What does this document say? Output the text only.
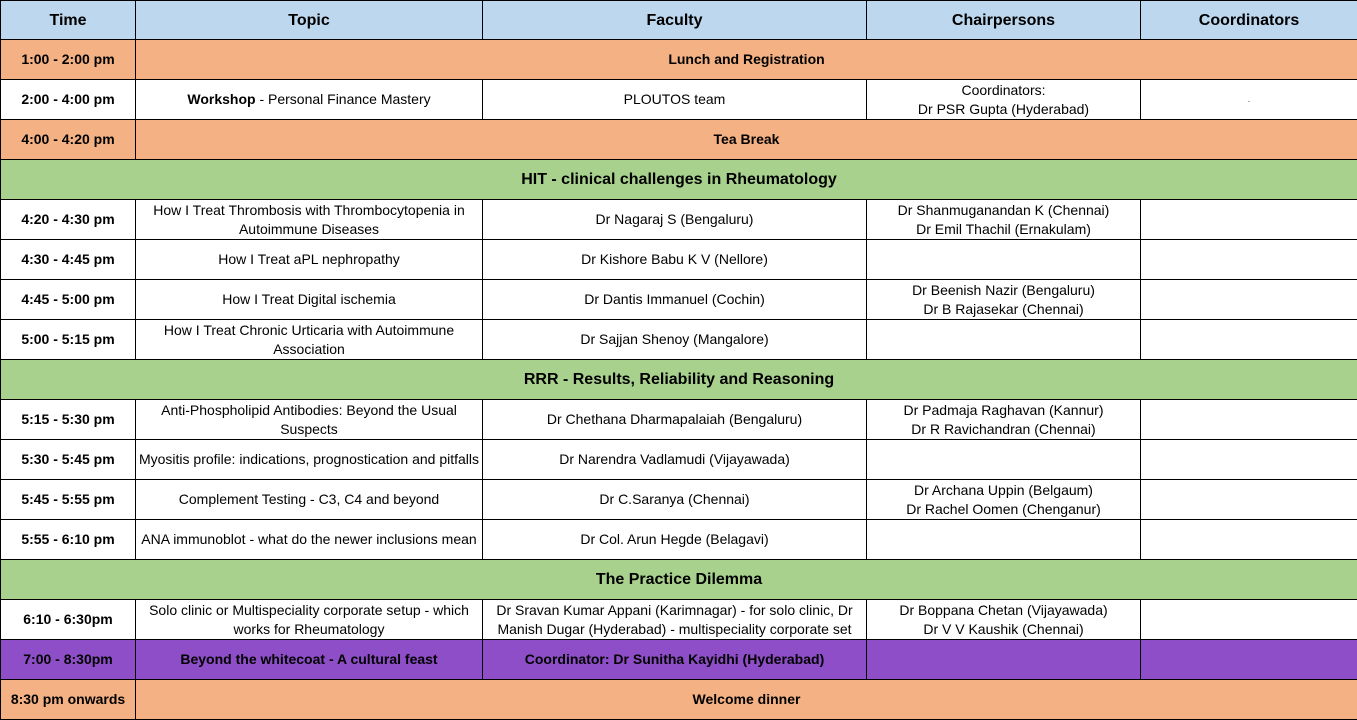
Time	Topic	Faculty	Chairpersons	Coordinators
1:00 - 2:00 pm	Lunch and Registration			
2:00 - 4:00 pm	Workshop - Personal Finance Mastery	PLOUTOS team	Coordinators:
Dr PSR Gupta (Hyderabad)	.
4:00 - 4:20 pm	Tea Break			
HIT - clinical challenges in Rheumatology				
4:20 - 4:30 pm	How I Treat Thrombosis with Thrombocytopenia in Autoimmune Diseases	Dr Nagaraj S (Bengaluru)	Dr Shanmuganandan K (Chennai)
Dr Emil Thachil (Ernakulam)	

4:30 - 4:45 pm	How I Treat aPL nephropathy	Dr Kishore Babu K V (Nellore)		
4:45 - 5:00 pm	How I Treat Digital ischemia	Dr Dantis Immanuel (Cochin)	Dr Beenish Nazir (Bengaluru)
Dr B Rajasekar (Chennai)	

5:00 - 5:15 pm	How I Treat Chronic Urticaria with Autoimmune Association	Dr Sajjan Shenoy (Mangalore)		
RRR - Results, Reliability and Reasoning				
5:15 - 5:30 pm	Anti-Phospholipid Antibodies: Beyond the Usual Suspects	Dr Chethana Dharmapalaiah (Bengaluru)	Dr Padmaja Raghavan (Kannur)
Dr R Ravichandran (Chennai)	

5:30 - 5:45 pm	Myositis profile: indications, prognostication and pitfalls	Dr Narendra Vadlamudi (Vijayawada)		
5:45 - 5:55 pm	Complement Testing - C3, C4 and beyond	Dr C.Saranya (Chennai)	Dr Archana Uppin (Belgaum)
Dr Rachel Oomen (Chenganur)	

5:55 - 6:10 pm	ANA immunoblot - what do the newer inclusions mean	Dr Col. Arun Hegde (Belagavi)		
The Practice Dilemma				
6:10 - 6:30pm	Solo clinic or Multispeciality corporate setup - which works for Rheumatology	Dr Sravan Kumar Appani (Karimnagar) - for solo clinic, Dr Manish Dugar (Hyderabad) - multispeciality corporate set	Dr Boppana Chetan (Vijayawada)
Dr V V Kaushik (Chennai)	

7:00 - 8:30pm	Beyond the whitecoat - A cultural feast	Coordinator: Dr Sunitha Kayidhi (Hyderabad)		
8:30 pm onwards	Welcome dinner			
